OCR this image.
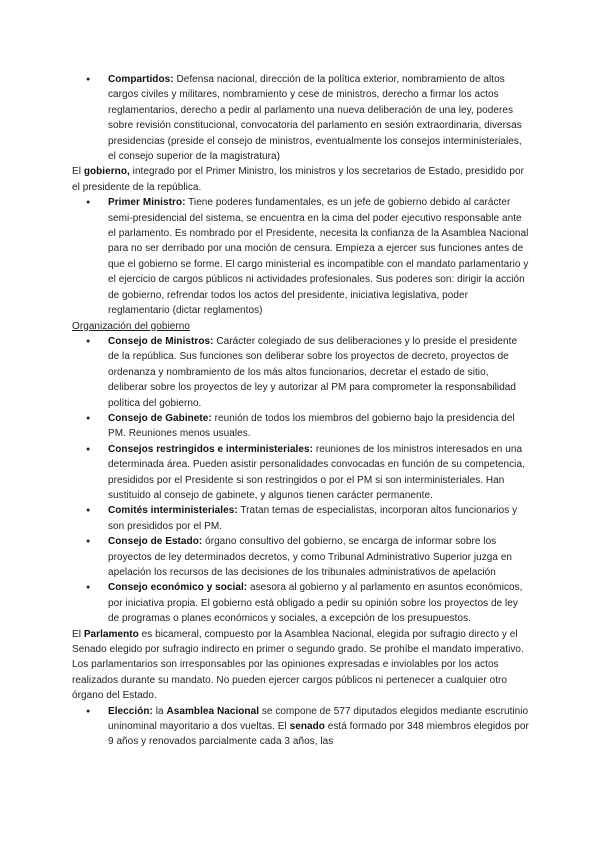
● Compartidos: Defensa nacional, dirección de la política exterior, nombramiento de altos cargos civiles y militares, nombramiento y cese de ministros, derecho a firmar los actos reglamentarios, derecho a pedir al parlamento una nueva deliberación de una ley, poderes sobre revisión constitucional, convocatoria del parlamento en sesión extraordinaria, diversas presidencias (preside el consejo de ministros, eventualmente los consejos interministeriales, el consejo superior de la magistratura)

El gobierno, integrado por el Primer Ministro, los ministros y los secretarios de Estado, presidido por el presidente de la república.

● Primer Ministro: Tiene poderes fundamentales, es un jefe de gobierno debido al carácter semi-presidencial del sistema, se encuentra en la cima del poder ejecutivo responsable ante el parlamento. Es nombrado por el Presidente, necesita la confianza de la Asamblea Nacional para no ser derribado por una moción de censura. Empieza a ejercer sus funciones antes de que el gobierno se forme. El cargo ministerial es incompatible con el mandato parlamentario y el ejercicio de cargos públicos ni actividades profesionales. Sus poderes son: dirigir la acción de gobierno, refrendar todos los actos del presidente, iniciativa legislativa, poder reglamentario (dictar reglamentos)

Organización del gobierno

● Consejo de Ministros: Carácter colegiado de sus deliberaciones y lo preside el presidente de la república. Sus funciones son deliberar sobre los proyectos de decreto, proyectos de ordenanza y nombramiento de los más altos funcionarios, decretar el estado de sitio, deliberar sobre los proyectos de ley y autorizar al PM para comprometer la responsabilidad política del gobierno.
● Consejo de Gabinete: reunión de todos los miembros del gobierno bajo la presidencia del PM. Reuniones menos usuales.
● Consejos restringidos e interministeriales: reuniones de los ministros interesados en una determinada área. Pueden asistir personalidades convocadas en función de su competencia, presididos por el Presidente si son restringidos o por el PM si son interministeriales. Han sustituido al consejo de gabinete, y algunos tienen carácter permanente.
● Comités interministeriales: Tratan temas de especialistas, incorporan altos funcionarios y son presididos por el PM.
● Consejo de Estado: órgano consultivo del gobierno, se encarga de informar sobre los proyectos de ley determinados decretos, y como Tribunal Administrativo Superior juzga en apelación los recursos de las decisiones de los tribunales administrativos de apelación
● Consejo económico y social: asesora al gobierno y al parlamento en asuntos económicos, por iniciativa propia. El gobierno está obligado a pedir su opinión sobre los proyectos de ley de programas o planes económicos y sociales, a excepción de los presupuestos.

El Parlamento es bicameral, compuesto por la Asamblea Nacional, elegida por sufragio directo y el Senado elegido por sufragio indirecto en primer o segundo grado. Se prohíbe el mandato imperativo. Los parlamentarios son irresponsables por las opiniones expresadas e inviolables por los actos realizados durante su mandato. No pueden ejercer cargos públicos ni pertenecer a cualquier otro órgano del Estado.

● Elección: la Asamblea Nacional se compone de 577 diputados elegidos mediante escrutinio uninominal mayoritario a dos vueltas. El senado está formado por 348 miembros elegidos por 9 años y renovados parcialmente cada 3 años, las
